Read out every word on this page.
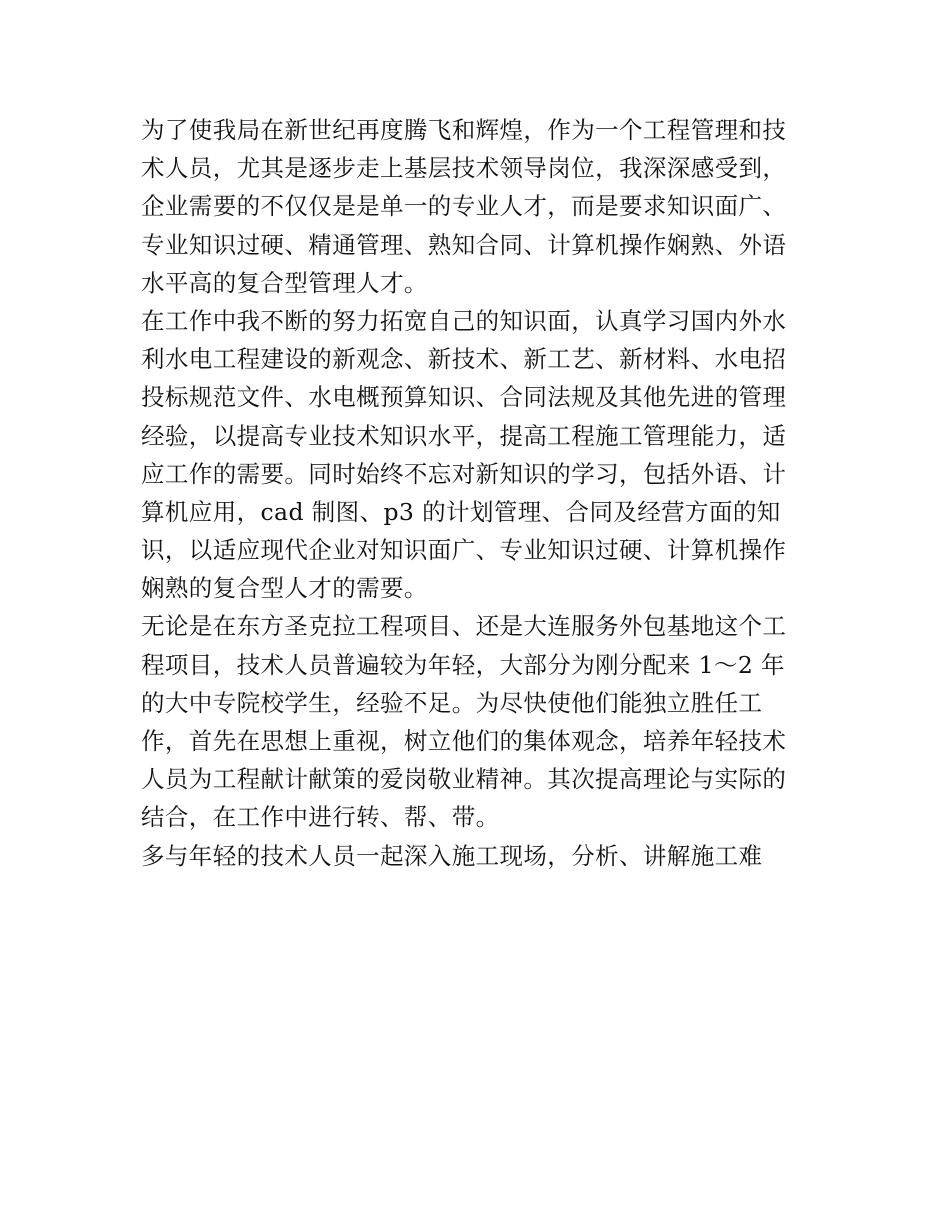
为了使我局在新世纪再度腾飞和辉煌，作为一个工程管理和技
术人员，尤其是逐步走上基层技术领导岗位，我深深感受到，
企业需要的不仅仅是是单一的专业人才，而是要求知识面广、
专业知识过硬、精通管理、熟知合同、计算机操作娴熟、外语
水平高的复合型管理人才。

在工作中我不断的努力拓宽自己的知识面，认真学习国内外水
利水电工程建设的新观念、新技术、新工艺、新材料、水电招
投标规范文件、水电概预算知识、合同法规及其他先进的管理
经验，以提高专业技术知识水平，提高工程施工管理能力，适
应工作的需要。同时始终不忘对新知识的学习，包括外语、计
算机应用，cad 制图、p3 的计划管理、合同及经营方面的知
识，以适应现代企业对知识面广、专业知识过硬、计算机操作
娴熟的复合型人才的需要。

无论是在东方圣克拉工程项目、还是大连服务外包基地这个工
程项目，技术人员普遍较为年轻，大部分为刚分配来 1～2 年
的大中专院校学生，经验不足。为尽快使他们能独立胜任工
作，首先在思想上重视，树立他们的集体观念，培养年轻技术
人员为工程献计献策的爱岗敬业精神。其次提高理论与实际的
结合，在工作中进行转、帮、带。

多与年轻的技术人员一起深入施工现场，分析、讲解施工难
